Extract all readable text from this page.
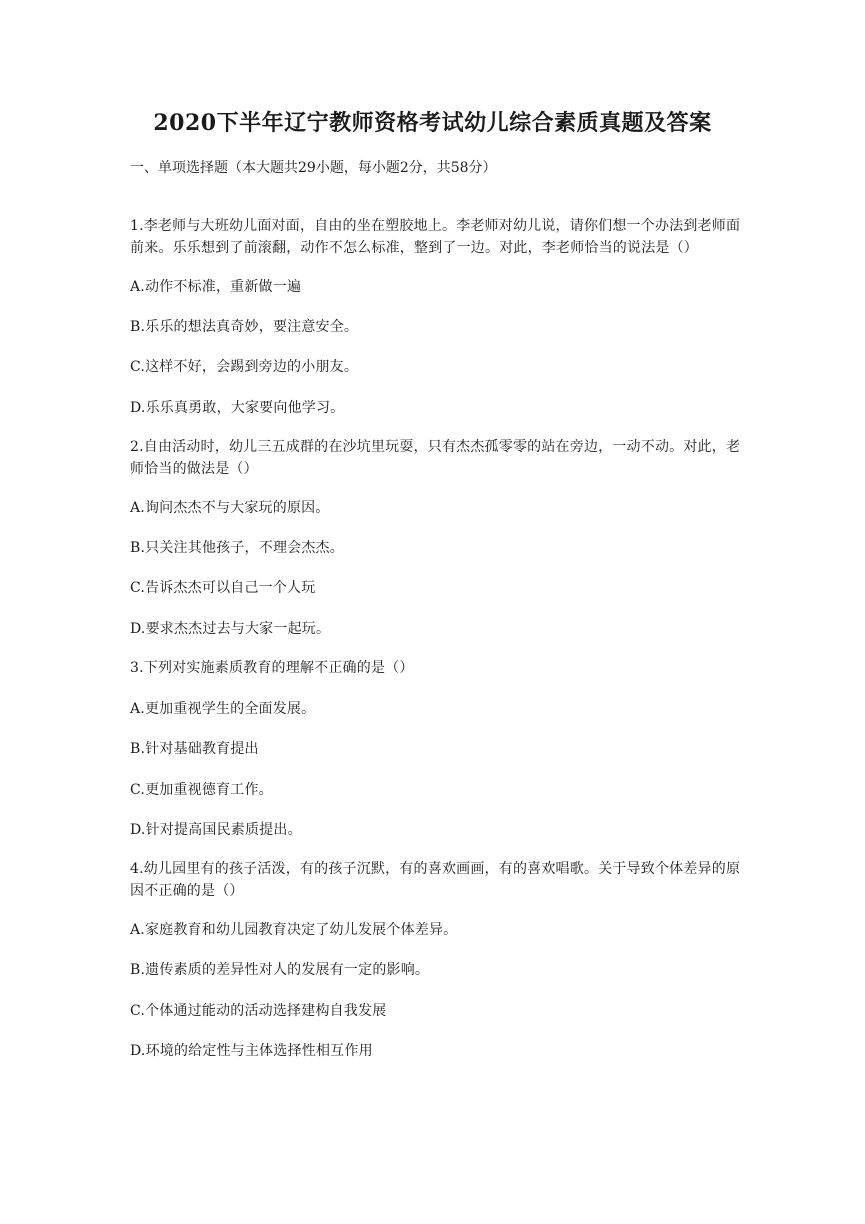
2020下半年辽宁教师资格考试幼儿综合素质真题及答案
一、单项选择题（本大题共29小题，每小题2分，共58分）
1.李老师与大班幼儿面对面，自由的坐在塑胶地上。李老师对幼儿说，请你们想一个办法到老师面前来。乐乐想到了前滚翻，动作不怎么标准，整到了一边。对此，李老师恰当的说法是（）
A.动作不标准，重新做一遍
B.乐乐的想法真奇妙，要注意安全。
C.这样不好，会踢到旁边的小朋友。
D.乐乐真勇敢，大家要向他学习。
2.自由活动时，幼儿三五成群的在沙坑里玩耍，只有杰杰孤零零的站在旁边，一动不动。对此，老师恰当的做法是（）
A.询问杰杰不与大家玩的原因。
B.只关注其他孩子，不理会杰杰。
C.告诉杰杰可以自己一个人玩
D.要求杰杰过去与大家一起玩。
3.下列对实施素质教育的理解不正确的是（）
A.更加重视学生的全面发展。
B.针对基础教育提出
C.更加重视德育工作。
D.针对提高国民素质提出。
4.幼儿园里有的孩子活泼，有的孩子沉默，有的喜欢画画，有的喜欢唱歌。关于导致个体差异的原因不正确的是（）
A.家庭教育和幼儿园教育决定了幼儿发展个体差异。
B.遗传素质的差异性对人的发展有一定的影响。
C.个体通过能动的活动选择建构自我发展
D.环境的给定性与主体选择性相互作用
